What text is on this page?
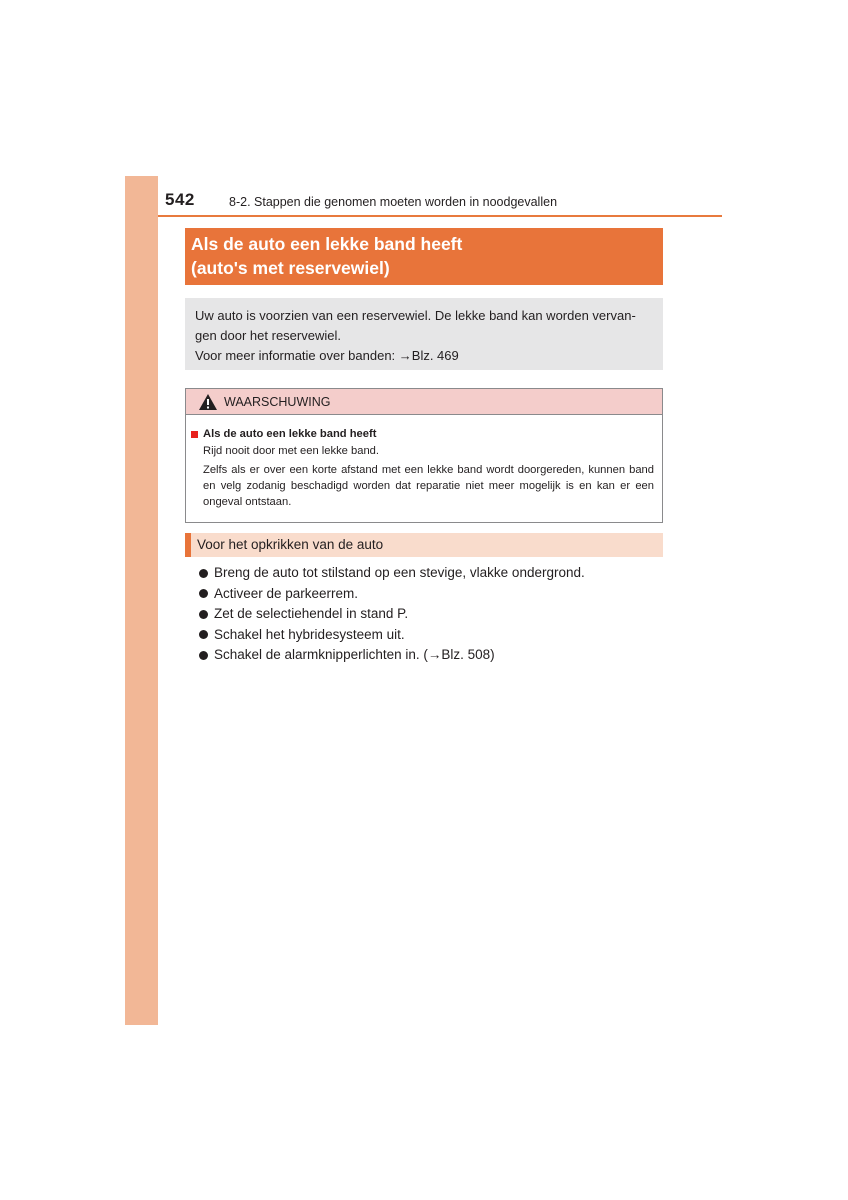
542	8-2. Stappen die genomen moeten worden in noodgevallen
Als de auto een lekke band heeft
(auto's met reservewiel)

Uw auto is voorzien van een reservewiel. De lekke band kan worden vervan-

gen door het reservewiel.

Voor meer informatie over banden: →Blz. 469

WAARSCHUWING
Als de auto een lekke band heeft

Rijd nooit door met een lekke band.

Zelfs als er over een korte afstand met een lekke band wordt doorgereden, kunnen band en velg zodanig beschadigd worden dat reparatie niet meer mogelijk is en kan er een ongeval ontstaan.

Voor het opkrikken van de auto
Breng de auto tot stilstand op een stevige, vlakke ondergrond.
Activeer de parkeerrem.
Zet de selectiehendel in stand P.
Schakel het hybridesysteem uit.
Schakel de alarmknipperlichten in. (→Blz. 508)
